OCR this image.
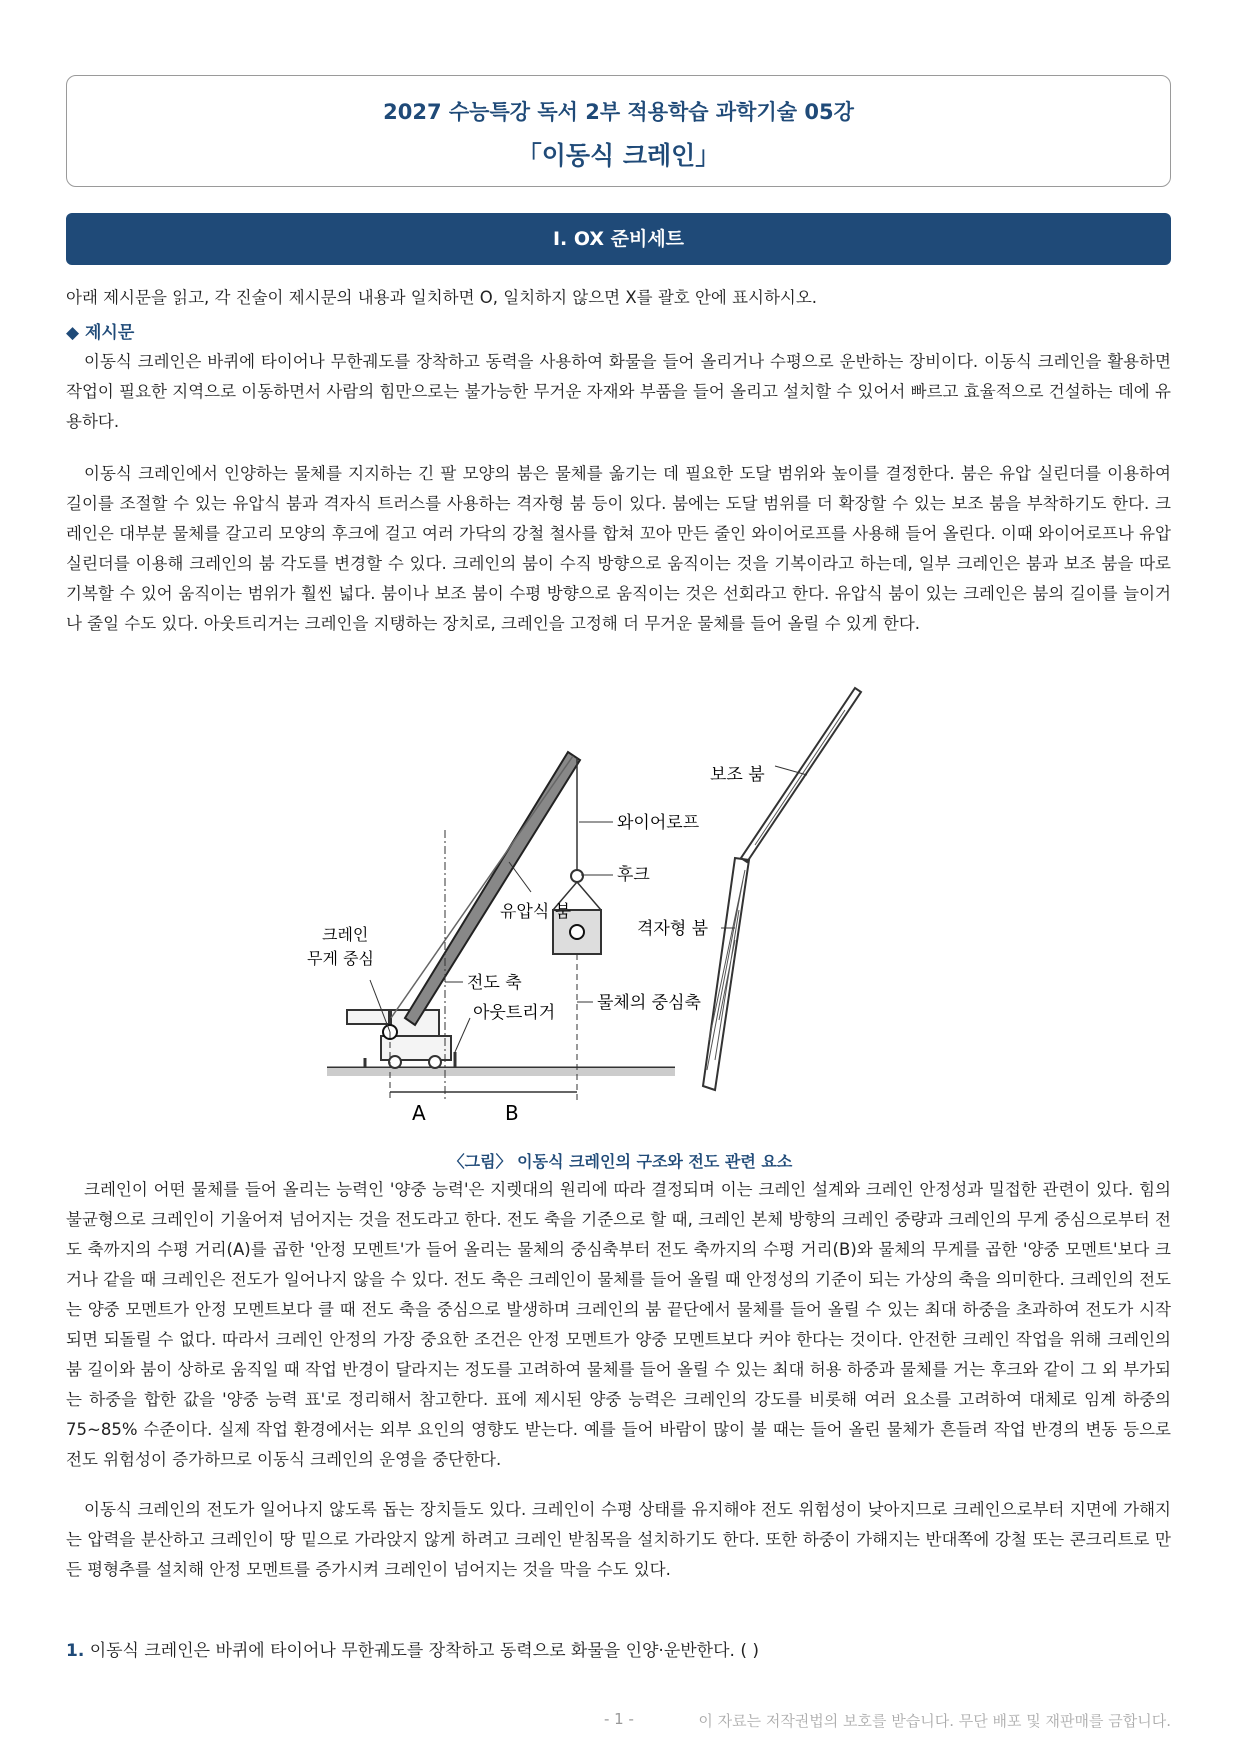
2027 수능특강 독서 2부 적용학습 과학기술 05강
「이동식 크레인」
Ⅰ. OX 준비세트
아래 제시문을 읽고, 각 진술이 제시문의 내용과 일치하면 O, 일치하지 않으면 X를 괄호 안에 표시하시오.
◆ 제시문

이동식 크레인은 바퀴에 타이어나 무한궤도를 장착하고 동력을 사용하여 화물을 들어 올리거나 수평으로 운반하는 장비이다. 이동식 크레인을 활용하면 작업이 필요한 지역으로 이동하면서 사람의 힘만으로는 불가능한 무거운 자재와 부품을 들어 올리고 설치할 수 있어서 빠르고 효율적으로 건설하는 데에 유용하다.

이동식 크레인에서 인양하는 물체를 지지하는 긴 팔 모양의 붐은 물체를 옮기는 데 필요한 도달 범위와 높이를 결정한다. 붐은 유압 실린더를 이용하여 길이를 조절할 수 있는 유압식 붐과 격자식 트러스를 사용하는 격자형 붐 등이 있다. 붐에는 도달 범위를 더 확장할 수 있는 보조 붐을 부착하기도 한다. 크레인은 대부분 물체를 갈고리 모양의 후크에 걸고 여러 가닥의 강철 철사를 합쳐 꼬아 만든 줄인 와이어로프를 사용해 들어 올린다. 이때 와이어로프나 유압 실린더를 이용해 크레인의 붐 각도를 변경할 수 있다. 크레인의 붐이 수직 방향으로 움직이는 것을 기복이라고 하는데, 일부 크레인은 붐과 보조 붐을 따로 기복할 수 있어 움직이는 범위가 훨씬 넓다. 붐이나 보조 붐이 수평 방향으로 움직이는 것은 선회라고 한다. 유압식 붐이 있는 크레인은 붐의 길이를 늘이거나 줄일 수도 있다. 아웃트리거는 크레인을 지탱하는 장치로, 크레인을 고정해 더 무거운 물체를 들어 올릴 수 있게 한다.

A	B
보조 붐
와이어로프
후크
유압식 붐
격자형 붐
크레인
무게 중심
전도 축
아웃트리거 물체의 중심축
〈그림〉 이동식 크레인의 구조와 전도 관련 요소

크레인이 어떤 물체를 들어 올리는 능력인 '양중 능력'은 지렛대의 원리에 따라 결정되며 이는 크레인 설계와 크레인 안정성과 밀접한 관련이 있다. 힘의 불균형으로 크레인이 기울어져 넘어지는 것을 전도라고 한다. 전도 축을 기준으로 할 때, 크레인 본체 방향의 크레인 중량과 크레인의 무게 중심으로부터 전도 축까지의 수평 거리(A)를 곱한 '안정 모멘트'가 들어 올리는 물체의 중심축부터 전도 축까지의 수평 거리(B)와 물체의 무게를 곱한 '양중 모멘트'보다 크거나 같을 때 크레인은 전도가 일어나지 않을 수 있다. 전도 축은 크레인이 물체를 들어 올릴 때 안정성의 기준이 되는 가상의 축을 의미한다. 크레인의 전도는 양중 모멘트가 안정 모멘트보다 클 때 전도 축을 중심으로 발생하며 크레인의 붐 끝단에서 물체를 들어 올릴 수 있는 최대 하중을 초과하여 전도가 시작되면 되돌릴 수 없다. 따라서 크레인 안정의 가장 중요한 조건은 안정 모멘트가 양중 모멘트보다 커야 한다는 것이다. 안전한 크레인 작업을 위해 크레인의 붐 길이와 붐이 상하로 움직일 때 작업 반경이 달라지는 정도를 고려하여 물체를 들어 올릴 수 있는 최대 허용 하중과 물체를 거는 후크와 같이 그 외 부가되는 하중을 합한 값을 '양중 능력 표'로 정리해서 참고한다. 표에 제시된 양중 능력은 크레인의 강도를 비롯해 여러 요소를 고려하여 대체로 임계 하중의 75~85% 수준이다. 실제 작업 환경에서는 외부 요인의 영향도 받는다. 예를 들어 바람이 많이 불 때는 들어 올린 물체가 흔들려 작업 반경의 변동 등으로 전도 위험성이 증가하므로 이동식 크레인의 운영을 중단한다.

이동식 크레인의 전도가 일어나지 않도록 돕는 장치들도 있다. 크레인이 수평 상태를 유지해야 전도 위험성이 낮아지므로 크레인으로부터 지면에 가해지는 압력을 분산하고 크레인이 땅 밑으로 가라앉지 않게 하려고 크레인 받침목을 설치하기도 한다. 또한 하중이 가해지는 반대쪽에 강철 또는 콘크리트로 만든 평형추를 설치해 안정 모멘트를 증가시켜 크레인이 넘어지는 것을 막을 수도 있다.

1. 이동식 크레인은 바퀴에 타이어나 무한궤도를 장착하고 동력으로 화물을 인양·운반한다. ( )
- 1 -	이 자료는 저작권법의 보호를 받습니다. 무단 배포 및 재판매를 금합니다.
